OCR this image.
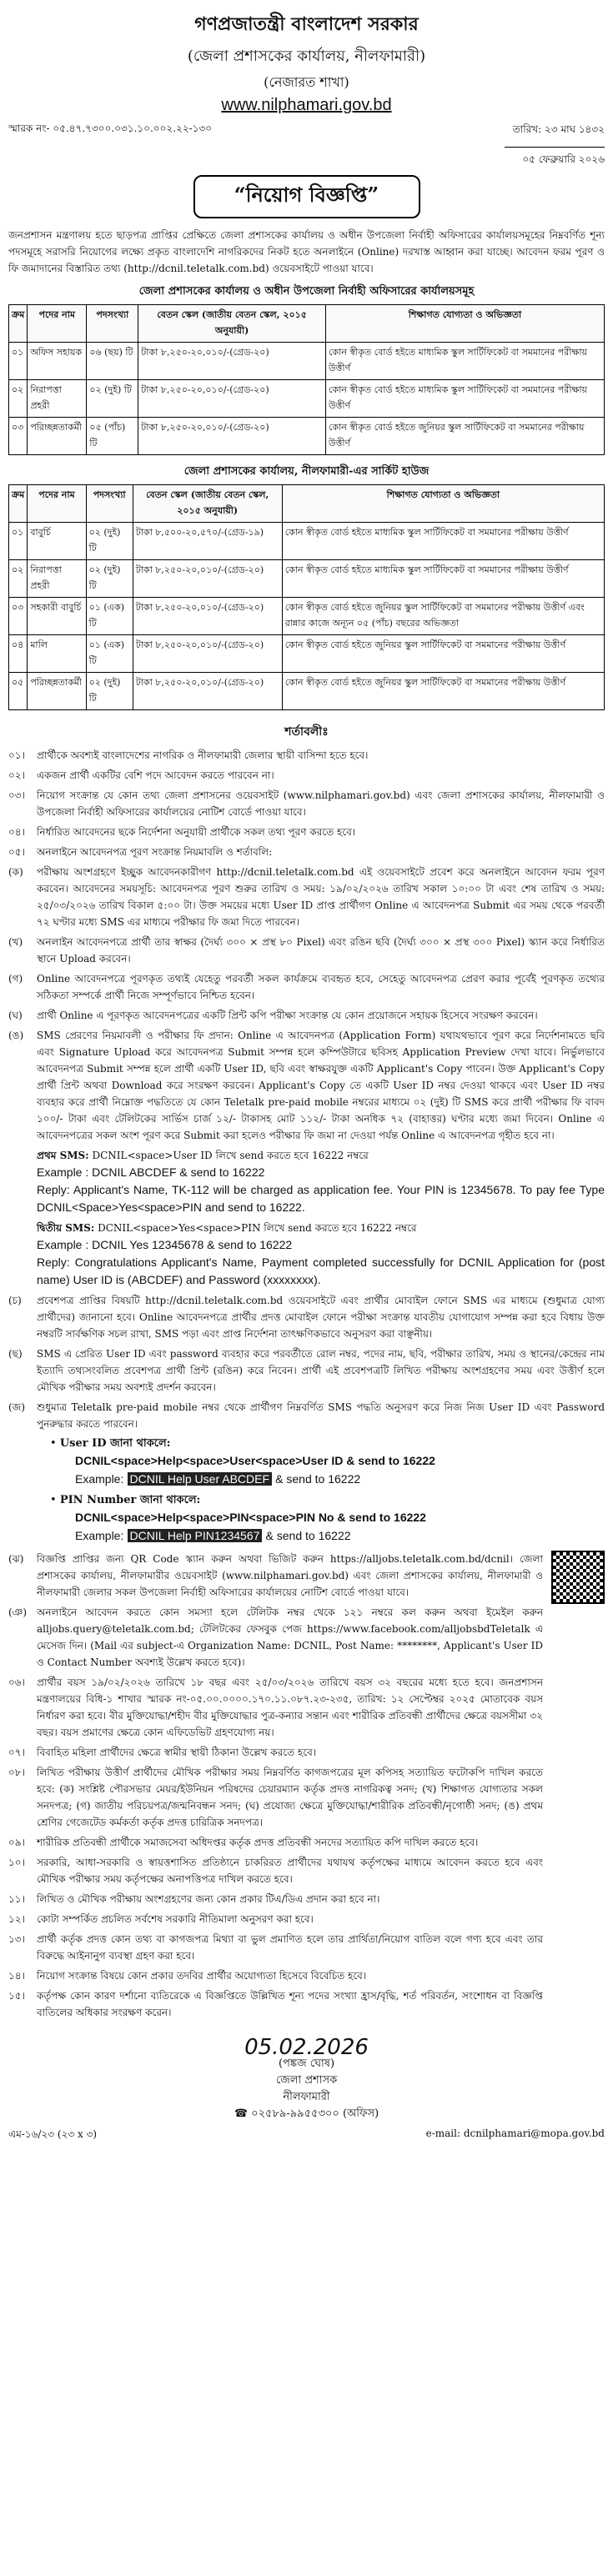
গণপ্রজাতন্ত্রী বাংলাদেশ সরকার
(জেলা প্রশাসকের কার্যালয়, নীলফামারী)
(নেজারত শাখা)
www.nilphamari.gov.bd
স্মারক নং- ০৫.৪৭.৭৩০০.০৩১.১০.০০২.২২-১৩০	তারিখ: ২৩ মাঘ ১৪৩২

০৫ ফেব্রুয়ারি ২০২৬
“নিয়োগ বিজ্ঞপ্তি”

জনপ্রশাসন মন্ত্রণালয় হতে ছাড়পত্র প্রাপ্তির প্রেক্ষিতে জেলা প্রশাসকের কার্যালয় ও অধীন উপজেলা নির্বাহী অফিসারের কার্যালয়সমূহের নিম্নবর্ণিত শূন্য পদসমূহে সরাসরি নিয়োগের লক্ষ্যে প্রকৃত বাংলাদেশি নাগরিকদের নিকট হতে অনলাইনে (Online) দরখাস্ত আহ্বান করা যাচ্ছে। আবেদন ফরম পূরণ ও ফি জমাদানের বিস্তারিত তথ্য (http://dcnil.teletalk.com.bd) ওয়েবসাইটে পাওয়া যাবে।

জেলা প্রশাসকের কার্যালয় ও অধীন উপজেলা নির্বাহী অফিসারের কার্যালয়সমূহ
ক্রম	পদের নাম	পদসংখ্যা	বেতন স্কেল (জাতীয় বেতন স্কেল, ২০১৫ অনুযায়ী)	শিক্ষাগত যোগ্যতা ও অভিজ্ঞতা
০১	অফিস সহায়ক	০৬ (ছয়) টি	টাকা ৮,২৫০-২০,০১০/-(গ্রেড-২০)	কোন স্বীকৃত বোর্ড হইতে মাধ্যমিক স্কুল সার্টিফিকেট বা সমমানের পরীক্ষায় উত্তীর্ণ
০২	নিরাপত্তা প্রহরী	০২ (দুই) টি	টাকা ৮,২৫০-২০,০১০/-(গ্রেড-২০)	কোন স্বীকৃত বোর্ড হইতে মাধ্যমিক স্কুল সার্টিফিকেট বা সমমানের পরীক্ষায় উত্তীর্ণ
০৩	পরিচ্ছন্নতাকর্মী	০৫ (পাঁচ) টি	টাকা ৮,২৫০-২০,০১০/-(গ্রেড-২০)	কোন স্বীকৃত বোর্ড হইতে জুনিয়র স্কুল সার্টিফিকেট বা সমমানের পরীক্ষায় উত্তীর্ণ
জেলা প্রশাসকের কার্যালয়, নীলফামারী-এর সার্কিট হাউজ
ক্রম	পদের নাম	পদসংখ্যা	বেতন স্কেল (জাতীয় বেতন স্কেল, ২০১৫ অনুযায়ী)	শিক্ষাগত যোগ্যতা ও অভিজ্ঞতা
০১	বাবুর্চি	০২ (দুই) টি	টাকা ৮,৫০০-২০,৫৭০/-(গ্রেড-১৯)	কোন স্বীকৃত বোর্ড হইতে মাধ্যমিক স্কুল সার্টিফিকেট বা সমমানের পরীক্ষায় উত্তীর্ণ
০২	নিরাপত্তা প্রহরী	০২ (দুই) টি	টাকা ৮,২৫০-২০,০১০/-(গ্রেড-২০)	কোন স্বীকৃত বোর্ড হইতে মাধ্যমিক স্কুল সার্টিফিকেট বা সমমানের পরীক্ষায় উত্তীর্ণ
০৩	সহকারী বাবুর্চি	০১ (এক) টি	টাকা ৮,২৫০-২০,০১০/-(গ্রেড-২০)	কোন স্বীকৃত বোর্ড হইতে জুনিয়র স্কুল সার্টিফিকেট বা সমমানের পরীক্ষায় উত্তীর্ণ এবং রান্নার কাজে অন্যূন ০৫ (পাঁচ) বছরের অভিজ্ঞতা
০৪	মালি	০১ (এক) টি	টাকা ৮,২৫০-২০,০১০/-(গ্রেড-২০)	কোন স্বীকৃত বোর্ড হইতে জুনিয়র স্কুল সার্টিফিকেট বা সমমানের পরীক্ষায় উত্তীর্ণ
০৫	পরিচ্ছন্নতাকর্মী	০২ (দুই) টি	টাকা ৮,২৫০-২০,০১০/-(গ্রেড-২০)	কোন স্বীকৃত বোর্ড হইতে জুনিয়র স্কুল সার্টিফিকেট বা সমমানের পরীক্ষায় উত্তীর্ণ
শর্তাবলীঃ
০১।	প্রার্থীকে অবশ্যই বাংলাদেশের নাগরিক ও নীলফামারী জেলার স্থায়ী বাসিন্দা হতে হবে।
০২।	একজন প্রার্থী একটির বেশি পদে আবেদন করতে পারবেন না।
০৩।	নিয়োগ সংক্রান্ত যে কোন তথ্য জেলা প্রশাসনের ওয়েবসাইট (www.nilphamari.gov.bd) এবং জেলা প্রশাসকের কার্যালয়, নীলফামারী ও উপজেলা নির্বাহী অফিসারের কার্যালয়ের নোটিশ বোর্ডে পাওয়া যাবে।
০৪।	নির্ধারিত আবেদনের ছকে নির্দেশনা অনুযায়ী প্রার্থীকে সকল তথ্য পূরণ করতে হবে।
০৫।	অনলাইনে আবেদনপত্র পূরণ সংক্রান্ত নিয়মাবলি ও শর্তাবলি:
(ক)	পরীক্ষায় অংশগ্রহণে ইচ্ছুক আবেদনকারীগণ http://dcnil.teletalk.com.bd এই ওয়েবসাইটে প্রবেশ করে অনলাইনে আবেদন ফরম পূরণ করবেন। আবেদনের সময়সূচি: আবেদনপত্র পূরণ শুরুর তারিখ ও সময়: ১৯/০২/২০২৬ তারিখ সকাল ১০:০০ টা এবং শেষ তারিখ ও সময়: ২৫/০৩/২০২৬ তারিখ বিকাল ৫:০০ টা। উক্ত সময়ের মধ্যে User ID প্রাপ্ত প্রার্থীগণ Online এ আবেদনপত্র Submit এর সময় থেকে পরবর্তী ৭২ ঘণ্টার মধ্যে SMS এর মাধ্যমে পরীক্ষার ফি জমা দিতে পারবেন।
(খ)	অনলাইন আবেদনপত্রে প্রার্থী তার স্বাক্ষর (দৈর্ঘ্য ৩০০ × প্রস্থ ৮০ Pixel) এবং রঙিন ছবি (দৈর্ঘ্য ৩০০ × প্রস্থ ৩০০ Pixel) স্ক্যান করে নির্ধারিত স্থানে Upload করবেন।
(গ)	Online আবেদনপত্রে পূরণকৃত তথ্যই যেহেতু পরবর্তী সকল কার্যক্রমে ব্যবহৃত হবে, সেহেতু আবেদনপত্র প্রেরণ করার পূর্বেই পূরণকৃত তথ্যের সঠিকতা সম্পর্কে প্রার্থী নিজে সম্পূর্ণভাবে নিশ্চিত হবেন।
(ঘ)	প্রার্থী Online এ পূরণকৃত আবেদনপত্রের একটি প্রিন্ট কপি পরীক্ষা সংক্রান্ত যে কোন প্রয়োজনে সহায়ক হিসেবে সংরক্ষণ করবেন।
(ঙ)	SMS প্রেরণের নিয়মাবলী ও পরীক্ষার ফি প্রদান: Online এ আবেদনপত্র (Application Form) যথাযথভাবে পূরণ করে নির্দেশনামতে ছবি এবং Signature Upload করে আবেদনপত্র Submit সম্পন্ন হলে কম্পিউটারে ছবিসহ Application Preview দেখা যাবে। নির্ভুলভাবে আবেদনপত্র Submit সম্পন্ন হলে প্রার্থী একটি User ID, ছবি এবং স্বাক্ষরযুক্ত একটি Applicant's Copy পাবেন। উক্ত Applicant's Copy প্রার্থী প্রিন্ট অথবা Download করে সংরক্ষণ করবেন। Applicant's Copy তে একটি User ID নম্বর দেওয়া থাকবে এবং User ID নম্বর ব্যবহার করে প্রার্থী নিম্নোক্ত পদ্ধতিতে যে কোন Teletalk pre-paid mobile নম্বরের মাধ্যমে ০২ (দুই) টি SMS করে প্রার্থী পরীক্ষার ফি বাবদ ১০০/- টাকা এবং টেলিটকের সার্ভিস চার্জ ১২/- টাকাসহ মোট ১১২/- টাকা অনধিক ৭২ (বাহাত্তর) ঘণ্টার মধ্যে জমা দিবেন। Online এ আবেদনপত্রের সকল অংশ পূরণ করে Submit করা হলেও পরীক্ষার ফি জমা না দেওয়া পর্যন্ত Online এ আবেদনপত্র গৃহীত হবে না।
প্রথম SMS: DCNIL<space>User ID লিখে send করতে হবে 16222 নম্বরে
Example : DCNIL ABCDEF & send to 16222
Reply: Applicant's Name, TK-112 will be charged as application fee. Your PIN is 12345678. To pay fee Type DCNIL<Space>Yes<space>PIN and send to 16222.
দ্বিতীয় SMS: DCNIL<space>Yes<space>PIN লিখে send করতে হবে 16222 নম্বরে
Example : DCNIL Yes 12345678 & send to 16222
Reply: Congratulations Applicant's Name, Payment completed successfully for DCNIL Application for (post name) User ID is (ABCDEF) and Password (xxxxxxxx).
(চ)	প্রবেশপত্র প্রাপ্তির বিষয়টি http://dcnil.teletalk.com.bd ওয়েবসাইটে এবং প্রার্থীর মোবাইল ফোনে SMS এর মাধ্যমে (শুধুমাত্র যোগ্য প্রার্থীদের) জানানো হবে। Online আবেদনপত্রে প্রার্থীর প্রদত্ত মোবাইল ফোনে পরীক্ষা সংক্রান্ত যাবতীয় যোগাযোগ সম্পন্ন করা হবে বিধায় উক্ত নম্বরটি সার্বক্ষণিক সচল রাখা, SMS পড়া এবং প্রাপ্ত নির্দেশনা তাৎক্ষণিকভাবে অনুসরণ করা বাঞ্ছনীয়।
(ছ)	SMS এ প্রেরিত User ID এবং password ব্যবহার করে পরবর্তীতে রোল নম্বর, পদের নাম, ছবি, পরীক্ষার তারিখ, সময় ও স্থানের/কেন্দ্রের নাম ইত্যাদি তথ্যসংবলিত প্রবেশপত্র প্রার্থী প্রিন্ট (রঙিন) করে নিবেন। প্রার্থী এই প্রবেশপত্রটি লিখিত পরীক্ষায় অংশগ্রহণের সময় এবং উত্তীর্ণ হলে মৌখিক পরীক্ষার সময় অবশ্যই প্রদর্শন করবেন।
(জ)	শুধুমাত্র Teletalk pre-paid mobile নম্বর থেকে প্রার্থীগণ নিম্নবর্ণিত SMS পদ্ধতি অনুসরণ করে নিজ নিজ User ID এবং Password পুনরুদ্ধার করতে পারবেন।
• User ID জানা থাকলে:
DCNIL<space>Help<space>User<space>User ID & send to 16222
Example: DCNIL Help User ABCDEF & send to 16222
• PIN Number জানা থাকলে:
DCNIL<space>Help<space>PIN<space>PIN No & send to 16222
Example: DCNIL Help PIN1234567 & send to 16222
(ঝ)	বিজ্ঞপ্তি প্রাপ্তির জন্য QR Code স্ক্যান করুন অথবা ভিজিট করুন https://alljobs.teletalk.com.bd/dcnil। জেলা প্রশাসকের কার্যালয়, নীলফামারীর ওয়েবসাইট (www.nilphamari.gov.bd) এবং জেলা প্রশাসকের কার্যালয়, নীলফামারী ও নীলফামারী জেলার সকল উপজেলা নির্বাহী অফিসারের কার্যালয়ের নোটিশ বোর্ডে পাওয়া যাবে।
(ঞ) অনলাইনে আবেদন করতে কোন সমস্যা হলে টেলিটক নম্বর থেকে ১২১ নম্বরে কল করুন অথবা ইমেইল করুন alljobs.query@teletalk.com.bd; টেলিটকের ফেসবুক পেজ https://www.facebook.com/alljobsbdTeletalk এ মেসেজ দিন। (Mail এর subject-এ Organization Name: DCNIL, Post Name: ********, Applicant's User ID ও Contact Number অবশ্যই উল্লেখ করতে হবে)।
০৬।	প্রার্থীর বয়স ১৯/০২/২০২৬ তারিখে ১৮ বছর এবং ২৫/০৩/২০২৬ তারিখে বয়স ৩২ বছরের মধ্যে হতে হবে। জনপ্রশাসন মন্ত্রণালয়ের বিধি-১ শাখার স্মারক নং-০৫.০০.০০০০.১৭০.১১.০৮৭.২৩-২৩৫, তারিখ: ১২ সেপ্টেম্বর ২০২৫ মোতাবেক বয়স নির্ধারণ করা হবে। বীর মুক্তিযোদ্ধা/শহীদ বীর মুক্তিযোদ্ধার পুত্র-কন্যার সন্তান এবং শারীরিক প্রতিবন্ধী প্রার্থীদের ক্ষেত্রে বয়সসীমা ৩২ বছর। বয়স প্রমাণের ক্ষেত্রে কোন এফিডেভিট গ্রহণযোগ্য নয়।
০৭।	বিবাহিত মহিলা প্রার্থীদের ক্ষেত্রে স্বামীর স্থায়ী ঠিকানা উল্লেখ করতে হবে।
০৮।	লিখিত পরীক্ষায় উত্তীর্ণ প্রার্থীদের মৌখিক পরীক্ষার সময় নিম্নবর্ণিত কাগজপত্রের মূল কপিসহ সত্যায়িত ফটোকপি দাখিল করতে হবে: (ক) সংশ্লিষ্ট পৌরসভার মেয়র/ইউনিয়ন পরিষদের চেয়ারম্যান কর্তৃক প্রদত্ত নাগরিকত্ব সনদ; (খ) শিক্ষাগত যোগ্যতার সকল সনদপত্র; (গ) জাতীয় পরিচয়পত্র/জন্মনিবন্ধন সনদ; (ঘ) প্রযোজ্য ক্ষেত্রে মুক্তিযোদ্ধা/শারীরিক প্রতিবন্ধী/নৃগোষ্ঠী সনদ; (ঙ) প্রথম শ্রেণির গেজেটেড কর্মকর্তা কর্তৃক প্রদত্ত চারিত্রিক সনদপত্র।
০৯।	শারীরিক প্রতিবন্ধী প্রার্থীকে সমাজসেবা অধিদপ্তর কর্তৃক প্রদত্ত প্রতিবন্ধী সনদের সত্যায়িত কপি দাখিল করতে হবে।
১০।	সরকারি, আধা-সরকারি ও স্বায়ত্তশাসিত প্রতিষ্ঠানে চাকরিরত প্রার্থীদের যথাযথ কর্তৃপক্ষের মাধ্যমে আবেদন করতে হবে এবং মৌখিক পরীক্ষার সময় কর্তৃপক্ষের অনাপত্তিপত্র দাখিল করতে হবে।
১১।	লিখিত ও মৌখিক পরীক্ষায় অংশগ্রহণের জন্য কোন প্রকার টিএ/ডিএ প্রদান করা হবে না।
১২।	কোটা সম্পর্কিত প্রচলিত সর্বশেষ সরকারি নীতিমালা অনুসরণ করা হবে।
১৩।	প্রার্থী কর্তৃক প্রদত্ত কোন তথ্য বা কাগজপত্র মিথ্যা বা ভুল প্রমাণিত হলে তার প্রার্থিতা/নিয়োগ বাতিল বলে গণ্য হবে এবং তার বিরুদ্ধে আইনানুগ ব্যবস্থা গ্রহণ করা হবে।
১৪।	নিয়োগ সংক্রান্ত বিষয়ে কোন প্রকার তদবির প্রার্থীর অযোগ্যতা হিসেবে বিবেচিত হবে।
১৫।	কর্তৃপক্ষ কোন কারণ দর্শানো ব্যতিরেকে এ বিজ্ঞপ্তিতে উল্লিখিত শূন্য পদের সংখ্যা হ্রাস/বৃদ্ধি, শর্ত পরিবর্তন, সংশোধন বা বিজ্ঞপ্তি বাতিলের অধিকার সংরক্ষণ করেন।
05.02.2026
(পঙ্কজ ঘোষ)
জেলা প্রশাসক
নীলফামারী
☎ ০২৫৮৯-৯৯৫৫৩০০ (অফিস)
এম-১৬/২৩ (২৩ x ৩)	e-mail: dcnilphamari@mopa.gov.bd
